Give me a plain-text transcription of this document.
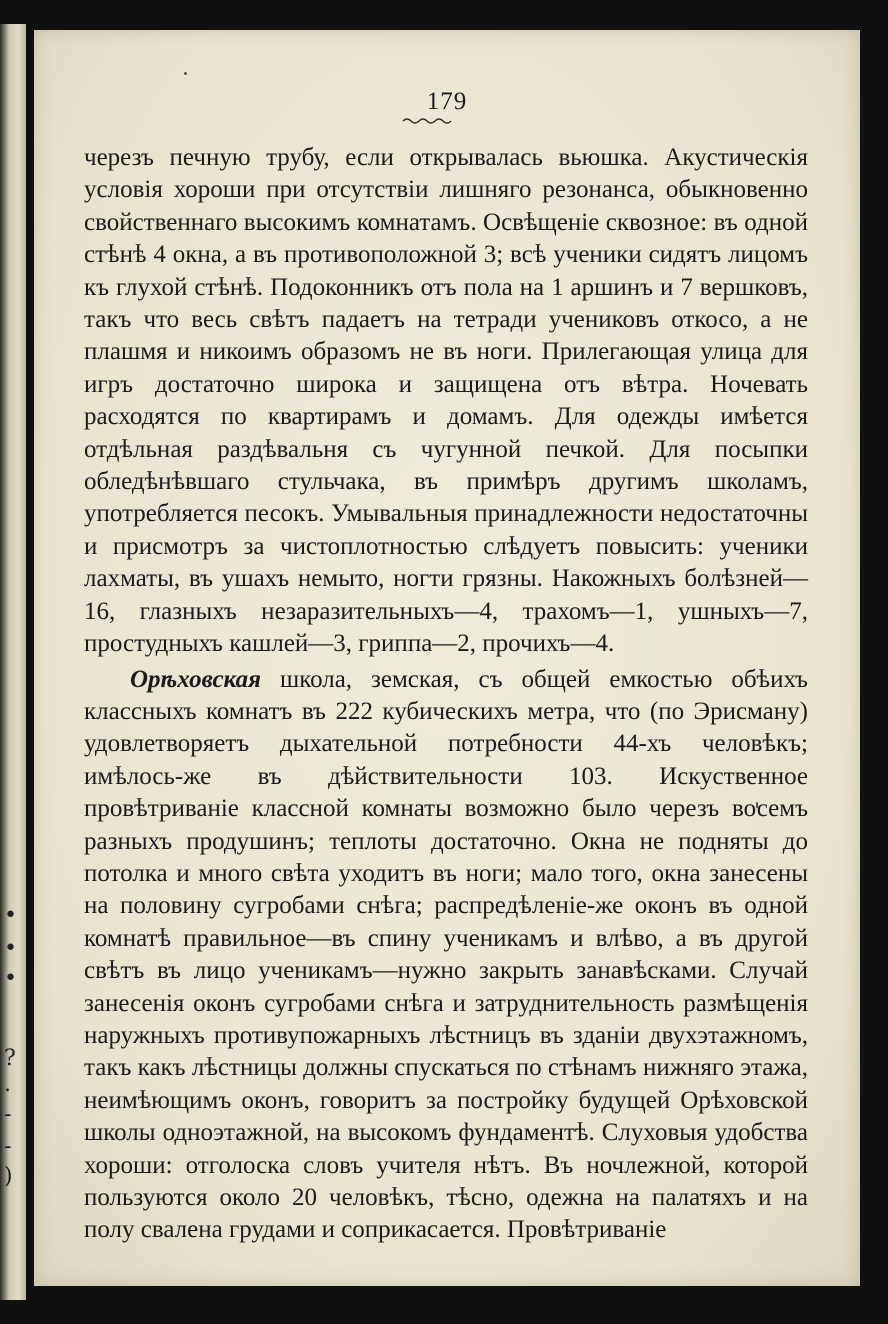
•
•
•
?
.
-
-
)
179

черезъ печную трубу, если открывалась вьюшка. Акустическія условія хороши при отсутствіи лишняго резонанса, обыкновенно свойственнаго высокимъ комнатамъ. Освѣщеніе сквозное: въ одной стѣнѣ 4 окна, а въ противоположной 3; всѣ ученики сидятъ лицомъ къ глухой стѣнѣ. Подоконникъ отъ пола на 1 аршинъ и 7 вершковъ, такъ что весь свѣтъ падаетъ на тетради учениковъ откосо, а не плашмя и никоимъ образомъ не въ ноги. Прилегающая улица для игръ достаточно широка и защищена отъ вѣтра. Ночевать расходятся по квартирамъ и домамъ. Для одежды имѣется отдѣльная раздѣвальня съ чугунной печкой. Для посыпки обледѣнѣвшаго стульчака, въ примѣръ другимъ школамъ, употребляется песокъ. Умывальныя принадлежности недостаточны и присмотръ за чистоплотностью слѣдуетъ повысить: ученики лахматы, въ ушахъ немыто, ногти грязны. Накожныхъ болѣзней—16, глазныхъ незаразительныхъ—4, трахомъ—1, ушныхъ—7, простудныхъ кашлей—3, гриппа—2, прочихъ—4.

Орѣховская школа, земская, съ общей емкостью обѣихъ классныхъ комнатъ въ 222 кубическихъ метра, что (по Эрисману) удовлетворяетъ дыхательной потребности 44-хъ человѣкъ; имѣлось-же въ дѣйствительности 103. Искуственное провѣтриваніе классной комнаты возможно было черезъ восемъ разныхъ продушинъ; теплоты достаточно. Окна не подняты до потолка и много свѣта уходитъ въ ноги; мало того, окна занесены на половину сугробами снѣга; распредѣленіе-же оконъ въ одной комнатѣ правильное—въ спину ученикамъ и влѣво, а въ другой свѣтъ въ лицо ученикамъ—нужно закрыть занавѣсками. Случай занесенія оконъ сугробами снѣга и затруднительность размѣщенія наружныхъ противупожарныхъ лѣстницъ въ зданіи двухэтажномъ, такъ какъ лѣстницы должны спускаться по стѣнамъ нижняго этажа, неимѣющимъ оконъ, говоритъ за постройку будущей Орѣховской школы одноэтажной, на высокомъ фундаментѣ. Слуховыя удобства хороши: отголоска словъ учителя нѣтъ. Въ ночлежной, которой пользуются около 20 человѣкъ, тѣсно, одежна на палатяхъ и на полу свалена грудами и соприкасается. Провѣтриваніе
